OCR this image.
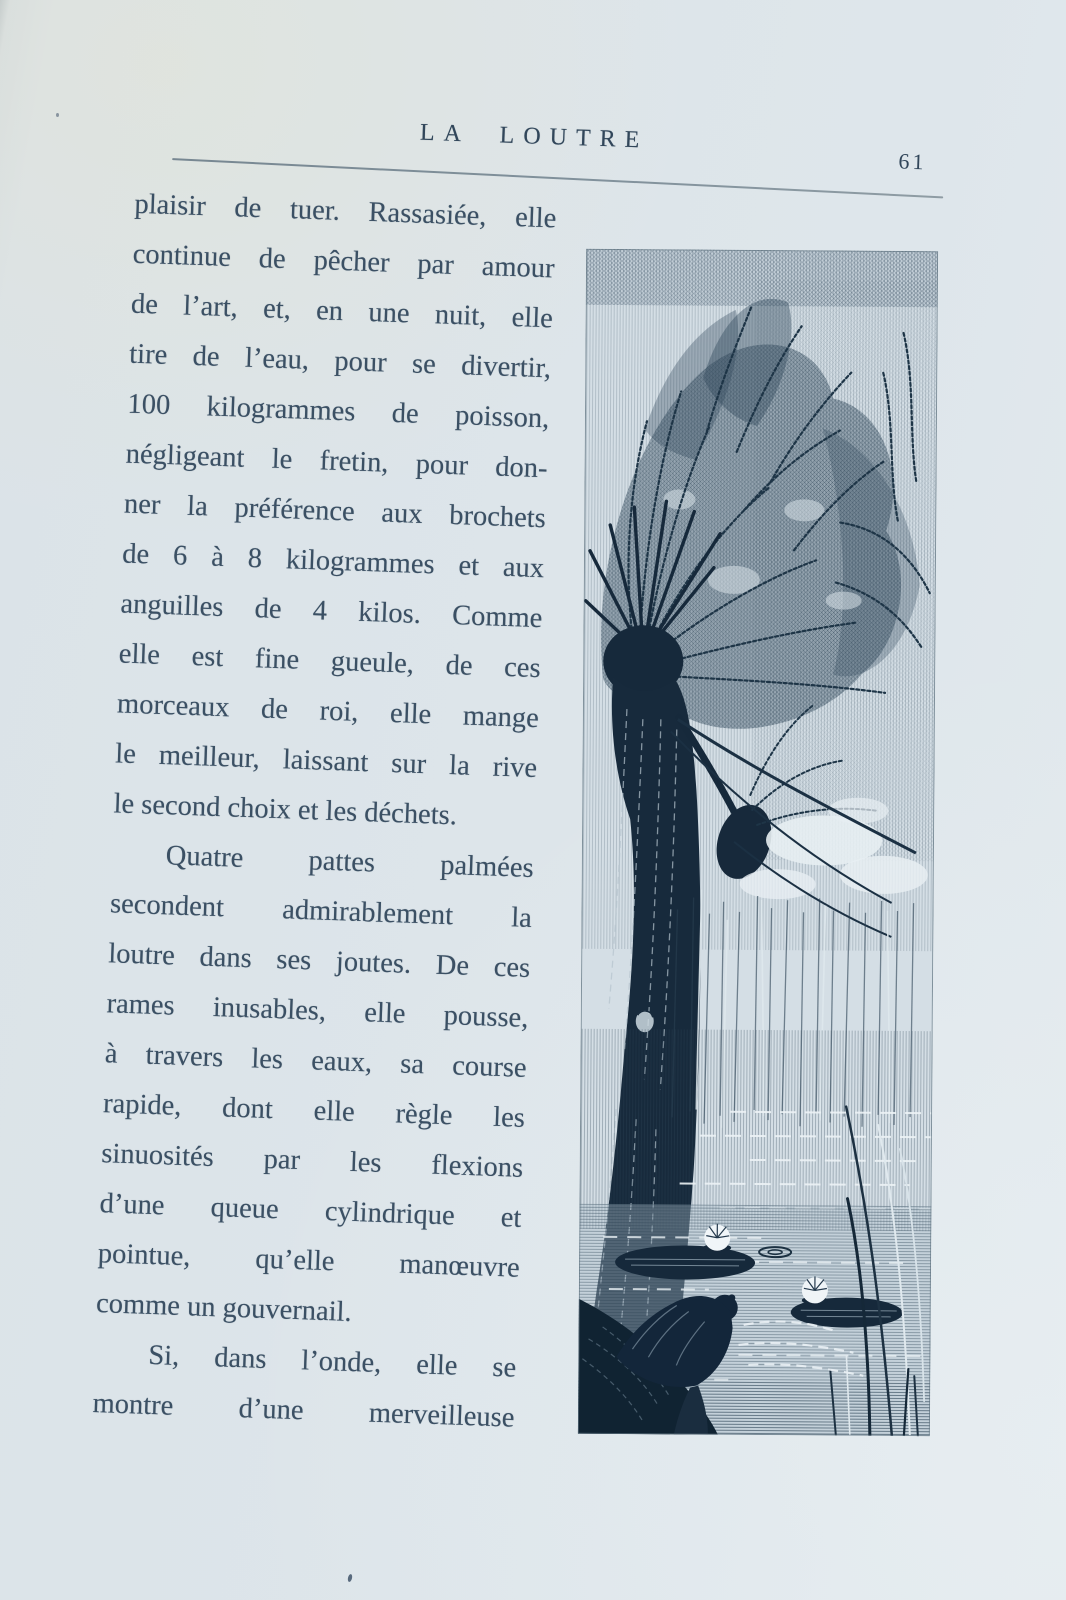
LA LOUTRE
61
plaisir de tuer. Rassasiée, elle
continue de pêcher par amour
de l’art, et, en une nuit, elle
tire de l’eau, pour se divertir,
100 kilogrammes de poisson,
négligeant le fretin, pour don-
ner la préférence aux brochets
de 6 à 8 kilogrammes et aux
anguilles de 4 kilos. Comme
elle est fine gueule, de ces
morceaux de roi, elle mange
le meilleur, laissant sur la rive
le second choix et les déchets.
Quatre pattes palmées
secondent admirablement la
loutre dans ses joutes. De ces
rames inusables, elle pousse,
à travers les eaux, sa course
rapide, dont elle règle les
sinuosités par les flexions
d’une queue cylindrique et
pointue, qu’elle manœuvre
comme un gouvernail.
Si, dans l’onde, elle se
montre d’une merveilleuse
